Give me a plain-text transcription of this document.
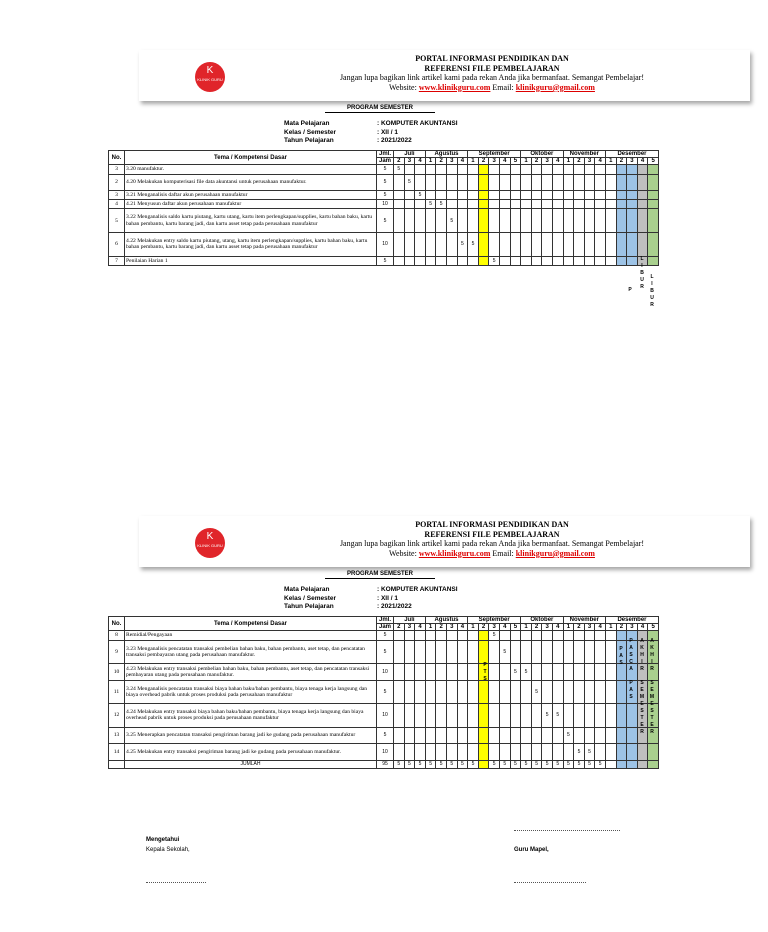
K
KLINIK GURU
PORTAL INFORMASI PENDIDIKAN DAN
REFERENSI FILE PEMBELAJARAN
Jangan lupa bagikan link artikel kami pada rekan Anda jika bermanfaat. Semangat Pembelajar!
Website: www.klinikguru.com Email: klinikguru@gmail.com
PROGRAM SEMESTER
Mata Pelajaran	: KOMPUTER AKUNTANSI
Kelas / Semester	: XII / 1
Tahun Pelajaran	: 2021/2022
No.	Tema / Kompetensi Dasar	Jml.	Juli			Agustus				September					Oktober				November				Desember				
		Jam	2	3	4	1	2	3	4	1	2	3	4	5	1	2	3	4	1	2	3	4	1	2	3	4	5
3	3.20 manufaktur.	5	5																								
2	4.20 Melakukan komputerisasi file data akuntansi untuk perusahaan manufaktur.	5		5																							
3	3.21 Menganalisis daftar akun perusahaan manufaktur	5			5																						
4	4.21 Menyusun daftar akun perusahaan manufaktur	10				5	5																				
5	3.22 Menganalisis saldo kartu piutang, kartu utang, kartu item perlengkapan/supplies, kartu bahan baku, kartu bahan pembantu, kartu barang jadi, dan kartu asset tetap pada perusahaan manufaktur	5						5																			
6	4.22 Melakukan entry saldo kartu piutang, utang, kartu item perlengkapan/supplies, kartu bahan baku, kartu bahan pembantu, kartu barang jadi, dan kartu asset tetap pada perusahaan manufaktur	10							5	5																	
7	Penilaian Harian 1	5										5																L
I
B
U
R
L
I
B
U
R
P
K
KLINIK GURU
PORTAL INFORMASI PENDIDIKAN DAN
REFERENSI FILE PEMBELAJARAN
Jangan lupa bagikan link artikel kami pada rekan Anda jika bermanfaat. Semangat Pembelajar!
Website: www.klinikguru.com Email: klinikguru@gmail.com
PROGRAM SEMESTER
Mata Pelajaran	: KOMPUTER AKUNTANSI
Kelas / Semester	: XII / 1
Tahun Pelajaran	: 2021/2022
No.	Tema / Kompetensi Dasar	Jml.	Juli			Agustus				September					Oktober				November				Desember				
		Jam	2	3	4	1	2	3	4	1	2	3	4	5	1	2	3	4	1	2	3	4	1	2	3	4	5
8	Remidial/Pengayaan	5										5															
9	3.23 Menganalisis pencatatan transaksi pembelian bahan baku, bahan pembantu, aset tetap, dan pencatatan transaksi pembayaran utang pada perusahaan manufaktur.	5											5														
10	4.23 Melakukan entry transaksi pembelian bahan baku, bahan pembantu, aset tetap, dan pencatatan transaksi pembayaran utang pada perusahaan manufaktur.	10												5	5												
11	3.24 Menganalisis pencatatan transaksi biaya bahan baku/bahan pembantu, biaya tenaga kerja langsung dan biaya overhead pabrik untuk proses produksi pada perusahaan manufaktur	5														5											
12	4.24 Melakukan entry transaksi biaya bahan baku/bahan pembantu, biaya tenaga kerja langsung dan biaya overhead pabrik untuk proses produksi pada perusahaan manufaktur	10															5	5									
13	3.25 Menerapkan pencatatan transaksi pengiriman barang jadi ke gudang pada perusahaan manufaktur	5																	5								
14	4.25 Melakukan entry transaksi pengiriman barang jadi ke gudang pada perusahaan manufaktur.	10																		5	5						
	JUMLAH	95	5	5	5	5	5	5	5	5		5	5	5	5	5	5	5	5	5	5	5					
Mengetahui
Kepala Sekolah,	Guru Mapel,
P
T
S
P
A
S
P
A
S
C
A

P
A
S
A
K
H
I
R

S
E
M
E
S
T
E
R
A
K
H
I
R

S
E
M
E
S
T
E
R
